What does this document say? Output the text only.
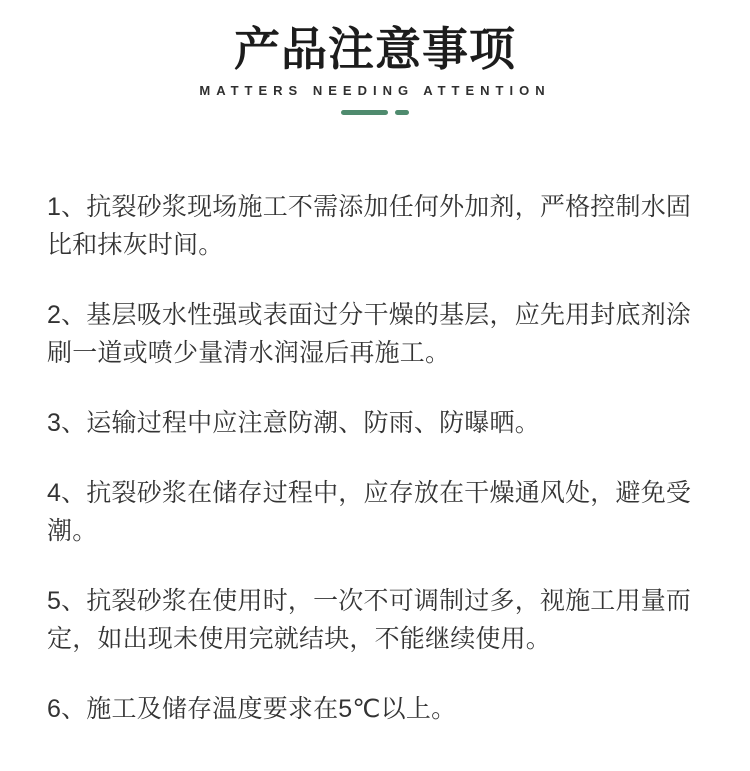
产品注意事项
MATTERS NEEDING ATTENTION

1、抗裂砂浆现场施工不需添加任何外加剂，严格控制水固比和抹灰时间。

2、基层吸水性强或表面过分干燥的基层，应先用封底剂涂刷一道或喷少量清水润湿后再施工。

3、运输过程中应注意防潮、防雨、防曝晒。

4、抗裂砂浆在储存过程中，应存放在干燥通风处，避免受潮。

5、抗裂砂浆在使用时，一次不可调制过多，视施工用量而定，如出现未使用完就结块，不能继续使用。

6、施工及储存温度要求在5℃以上。
